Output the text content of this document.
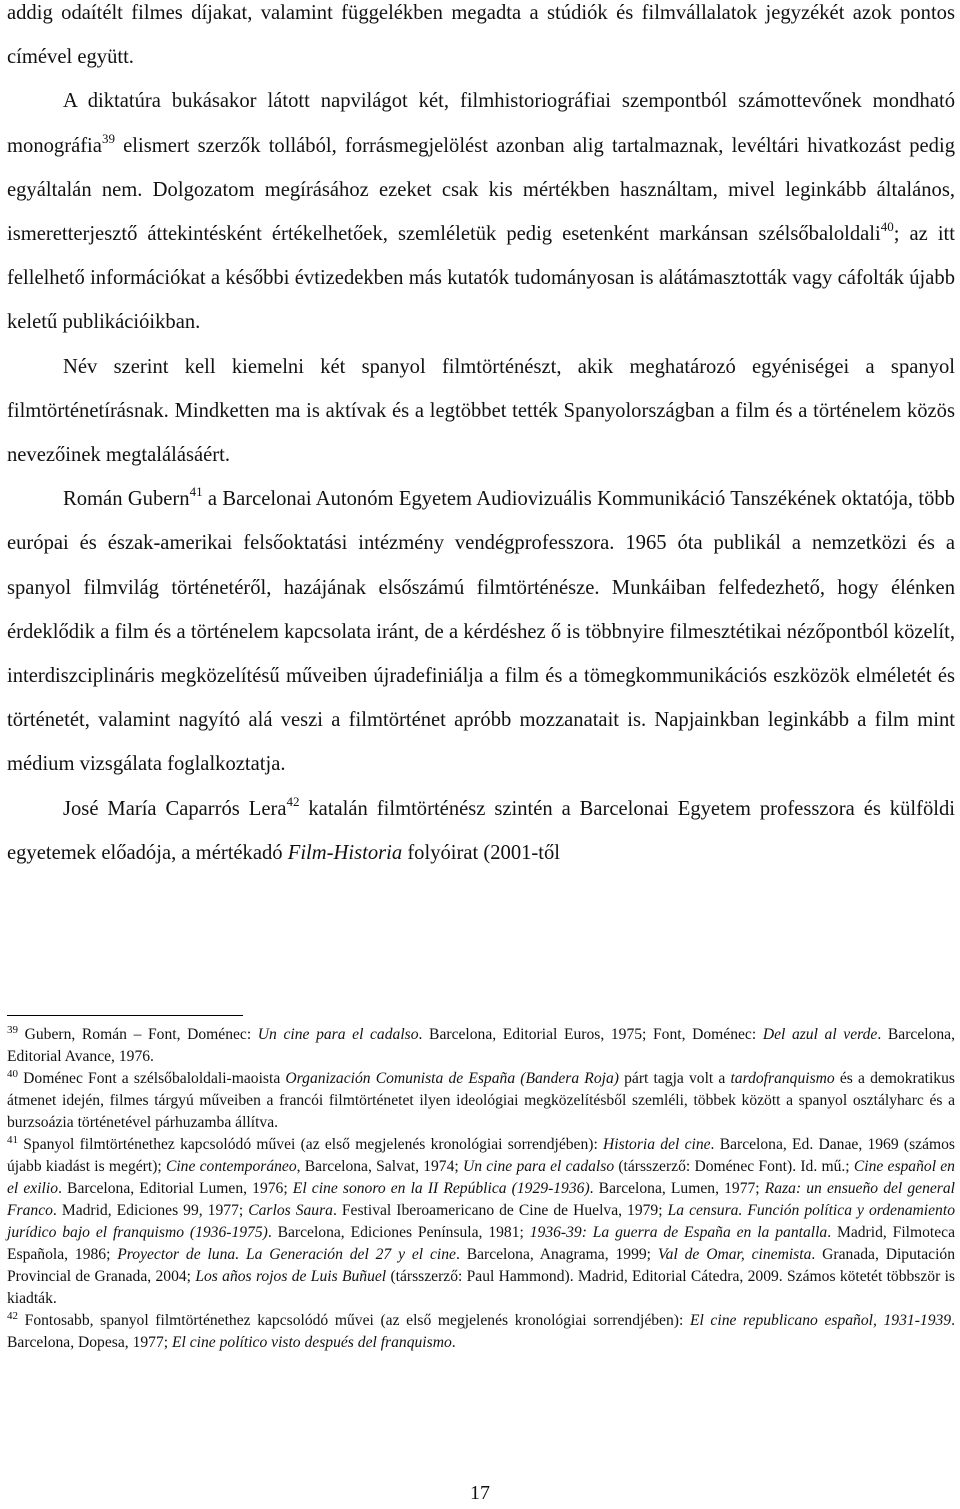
addig odaítélt filmes díjakat, valamint függelékben megadta a stúdiók és filmvállalatok jegyzékét azok pontos címével együtt.

A diktatúra bukásakor látott napvilágot két, filmhistoriográfiai szempontból számottevőnek mondható monográfia$^{39}$ elismert szerzők tollából, forrásmegjelölést azonban alig tartalmaznak, levéltári hivatkozást pedig egyáltalán nem. Dolgozatom megírásához ezeket csak kis mértékben használtam, mivel leginkább általános, ismeretterjesztő áttekintésként értékelhetőek, szemléletük pedig esetenként markánsan szélsőbaloldali$^{40}$; az itt fellelhető információkat a későbbi évtizedekben más kutatók tudományosan is alátámasztották vagy cáfolták újabb keletű publikációikban.

Név szerint kell kiemelni két spanyol filmtörténészt, akik meghatározó egyéniségei a spanyol filmtörténetírásnak. Mindketten ma is aktívak és a legtöbbet tették Spanyolországban a film és a történelem közös nevezőinek megtalálásáért.

Román Gubern$^{41}$ a Barcelonai Autonóm Egyetem Audiovizuális Kommunikáció Tanszékének oktatója, több európai és észak-amerikai felsőoktatási intézmény vendégprofesszora. 1965 óta publikál a nemzetközi és a spanyol filmvilág történetéről, hazájának elsőszámú filmtörténésze. Munkáiban felfedezhető, hogy élénken érdeklődik a film és a történelem kapcsolata iránt, de a kérdéshez ő is többnyire filmesztétikai nézőpontból közelít, interdiszciplináris megközelítésű műveiben újradefiniálja a film és a tömegkommunikációs eszközök elméletét és történetét, valamint nagyító alá veszi a filmtörténet apróbb mozzanatait is. Napjainkban leginkább a film mint médium vizsgálata foglalkoztatja.

José María Caparrós Lera$^{42}$ katalán filmtörténész szintén a Barcelonai Egyetem professzora és külföldi egyetemek előadója, a mértékadó Film-Historia folyóirat (2001-től

$^{39}$ Gubern, Román – Font, Doménec: Un cine para el cadalso. Barcelona, Editorial Euros, 1975; Font, Doménec: Del azul al verde. Barcelona, Editorial Avance, 1976.

$^{40}$ Doménec Font a szélsőbaloldali-maoista Organización Comunista de España (Bandera Roja) párt tagja volt a tardofranquismo és a demokratikus átmenet idején, filmes tárgyú műveiben a francói filmtörténetet ilyen ideológiai megközelítésből szemléli, többek között a spanyol osztályharc és a burzsoázia történetével párhuzamba állítva.

$^{41}$ Spanyol filmtörténethez kapcsolódó művei (az első megjelenés kronológiai sorrendjében): Historia del cine. Barcelona, Ed. Danae, 1969 (számos újabb kiadást is megért); Cine contemporáneo, Barcelona, Salvat, 1974; Un cine para el cadalso (társszerző: Doménec Font). Id. mű.; Cine español en el exilio. Barcelona, Editorial Lumen, 1976; El cine sonoro en la II República (1929-1936). Barcelona, Lumen, 1977; Raza: un ensueño del general Franco. Madrid, Ediciones 99, 1977; Carlos Saura. Festival Iberoamericano de Cine de Huelva, 1979; La censura. Función política y ordenamiento jurídico bajo el franquismo (1936-1975). Barcelona, Ediciones Península, 1981; 1936-39: La guerra de España en la pantalla. Madrid, Filmoteca Española, 1986; Proyector de luna. La Generación del 27 y el cine. Barcelona, Anagrama, 1999; Val de Omar, cinemista. Granada, Diputación Provincial de Granada, 2004; Los años rojos de Luis Buñuel (társszerző: Paul Hammond). Madrid, Editorial Cátedra, 2009. Számos kötetét többször is kiadták.

$^{42}$ Fontosabb, spanyol filmtörténethez kapcsolódó művei (az első megjelenés kronológiai sorrendjében): El cine republicano español, 1931-1939. Barcelona, Dopesa, 1977; El cine político visto después del franquismo.

17
